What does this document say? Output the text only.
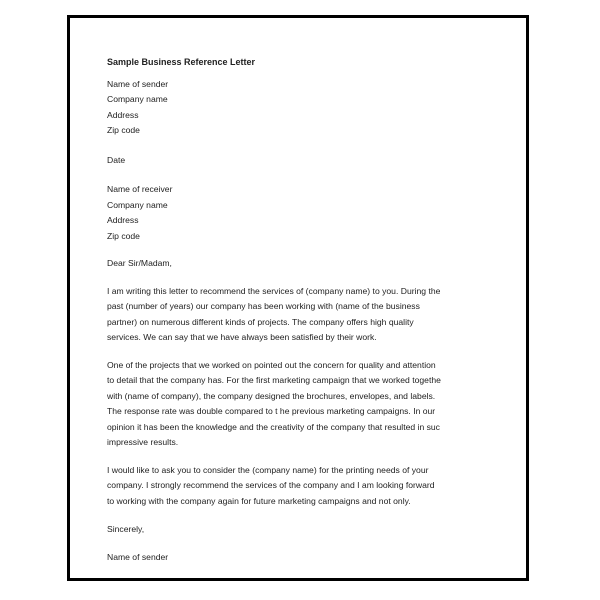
Sample Business Reference Letter
Name of sender
Company name
Address
Zip code
Date
Name of receiver
Company name
Address
Zip code
Dear Sir/Madam,
I am writing this letter to recommend the services of (company name) to you. During the
past (number of years) our company has been working with (name of the business
partner) on numerous different kinds of projects. The company offers high quality
services. We can say that we have always been satisfied by their work.
One of the projects that we worked on pointed out the concern for quality and attention
to detail that the company has. For the first marketing campaign that we worked togethe
with (name of company), the company designed the brochures, envelopes, and labels.
The response rate was double compared to t he previous marketing campaigns. In our
opinion it has been the knowledge and the creativity of the company that resulted in suc
impressive results.
I would like to ask you to consider the (company name) for the printing needs of your
company. I strongly recommend the services of the company and I am looking forward
to working with the company again for future marketing campaigns and not only.
Sincerely,
Name of sender
